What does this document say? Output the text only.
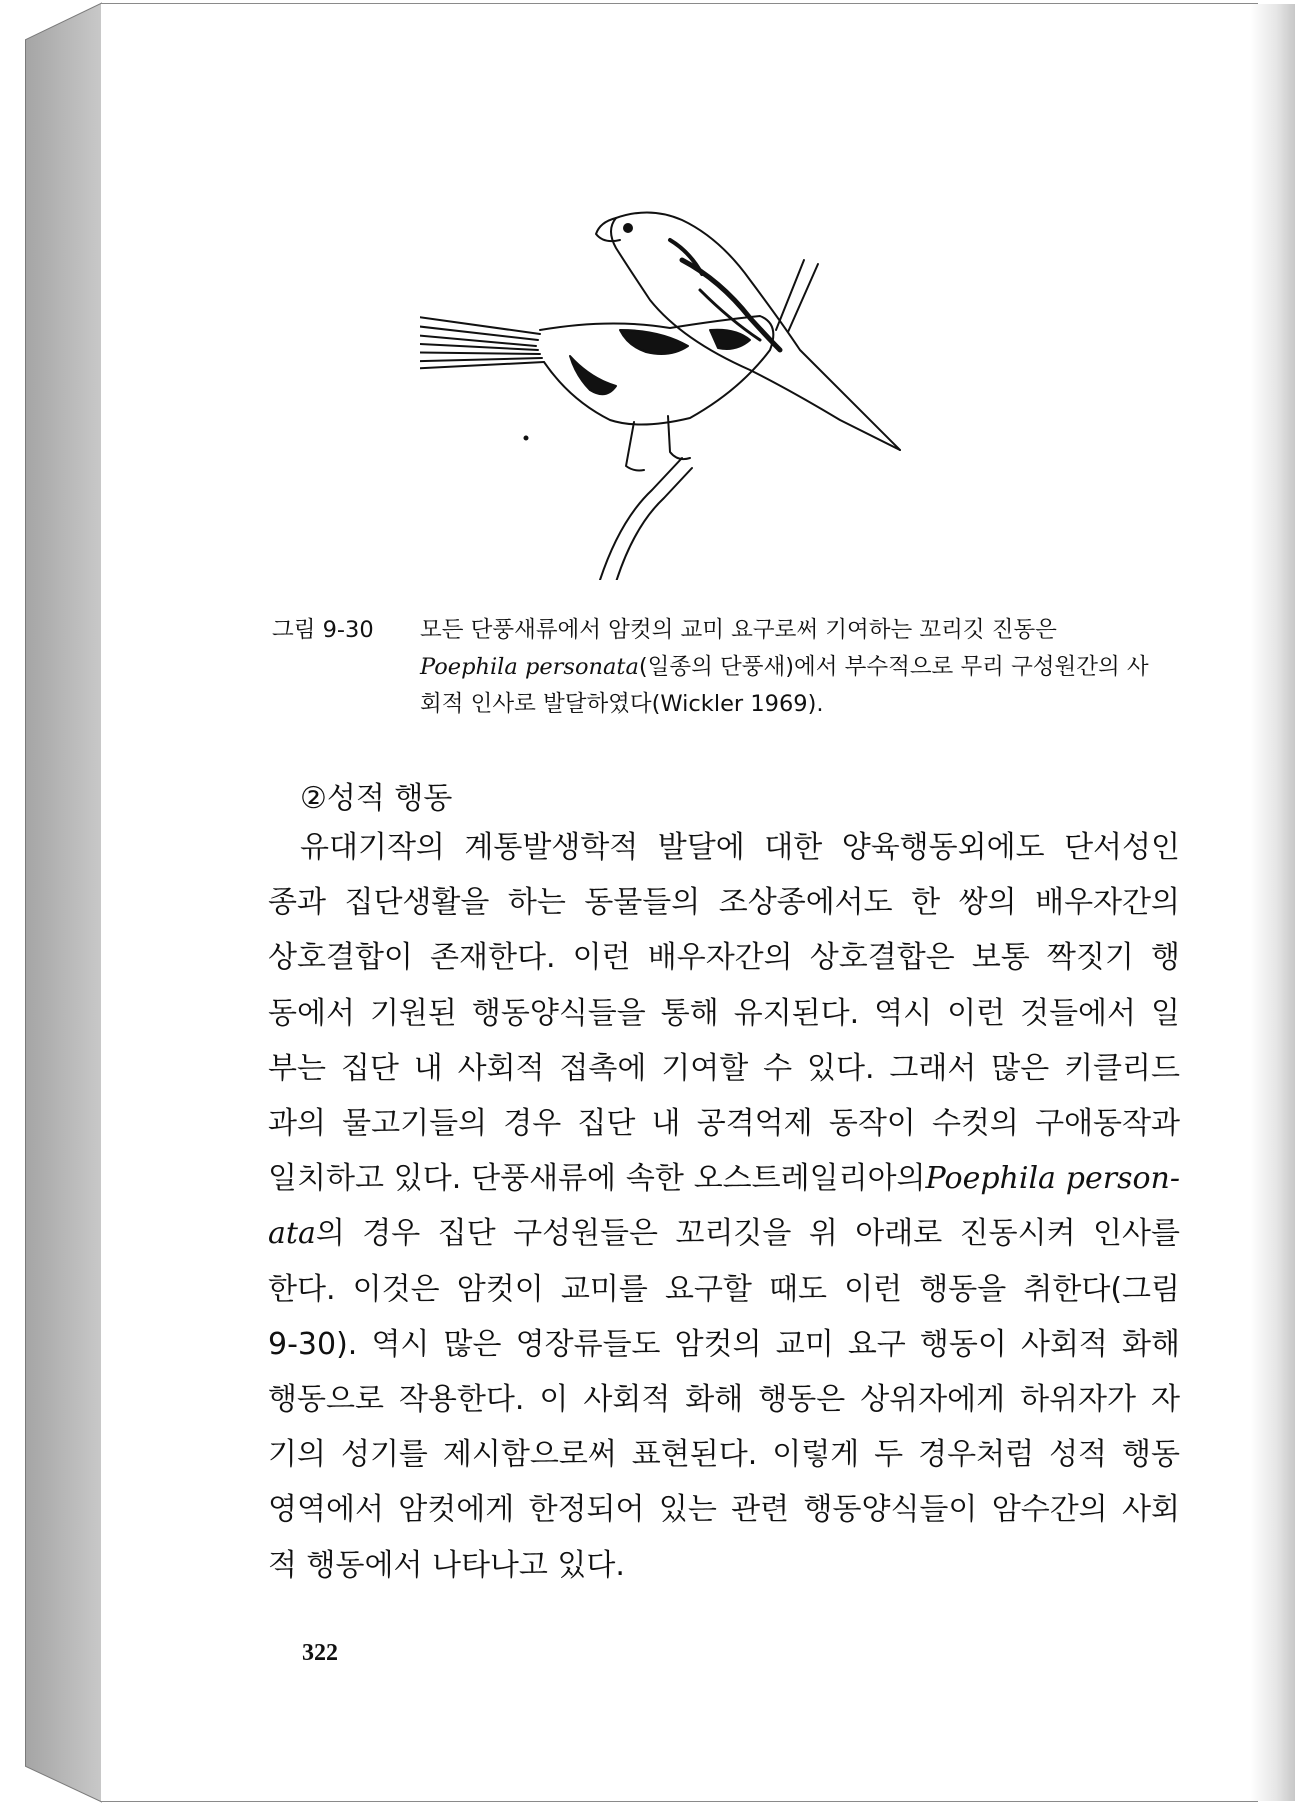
그림 9-30	모든 단풍새류에서 암컷의 교미 요구로써 기여하는 꼬리깃 진동은
Poephila personata(일종의 단풍새)에서 부수적으로 무리 구성원간의 사
회적 인사로 발달하였다(Wickler 1969).
②성적 행동
유대기작의 계통발생학적 발달에 대한 양육행동외에도 단서성인
종과 집단생활을 하는 동물들의 조상종에서도 한 쌍의 배우자간의
상호결합이 존재한다. 이런 배우자간의 상호결합은 보통 짝짓기 행
동에서 기원된 행동양식들을 통해 유지된다. 역시 이런 것들에서 일
부는 집단 내 사회적 접촉에 기여할 수 있다. 그래서 많은 키클리드
과의 물고기들의 경우 집단 내 공격억제 동작이 수컷의 구애동작과
일치하고 있다. 단풍새류에 속한 오스트레일리아의Poephila person-
ata의 경우 집단 구성원들은 꼬리깃을 위 아래로 진동시켜 인사를
한다. 이것은 암컷이 교미를 요구할 때도 이런 행동을 취한다(그림
9-30). 역시 많은 영장류들도 암컷의 교미 요구 행동이 사회적 화해
행동으로 작용한다. 이 사회적 화해 행동은 상위자에게 하위자가 자
기의 성기를 제시함으로써 표현된다. 이렇게 두 경우처럼 성적 행동
영역에서 암컷에게 한정되어 있는 관련 행동양식들이 암수간의 사회
적 행동에서 나타나고 있다.
322
